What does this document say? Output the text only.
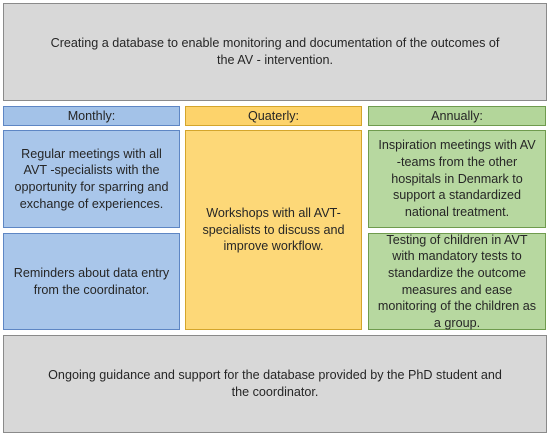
Creating a database to enable monitoring and documentation of the outcomes of the AV - intervention.
Monthly:
Regular meetings with all AVT -specialists with the opportunity for sparring and exchange of experiences.
Reminders about data entry from the coordinator.
Quaterly:
Workshops with all AVT-specialists to discuss and improve workflow.
Annually:
Inspiration meetings with AV -teams from the other hospitals in Denmark to support a standardized national treatment.
Testing of children in AVT with mandatory tests to standardize the outcome measures and ease monitoring of the children as a group.
Ongoing guidance and support for the database provided by the PhD student and the coordinator.
